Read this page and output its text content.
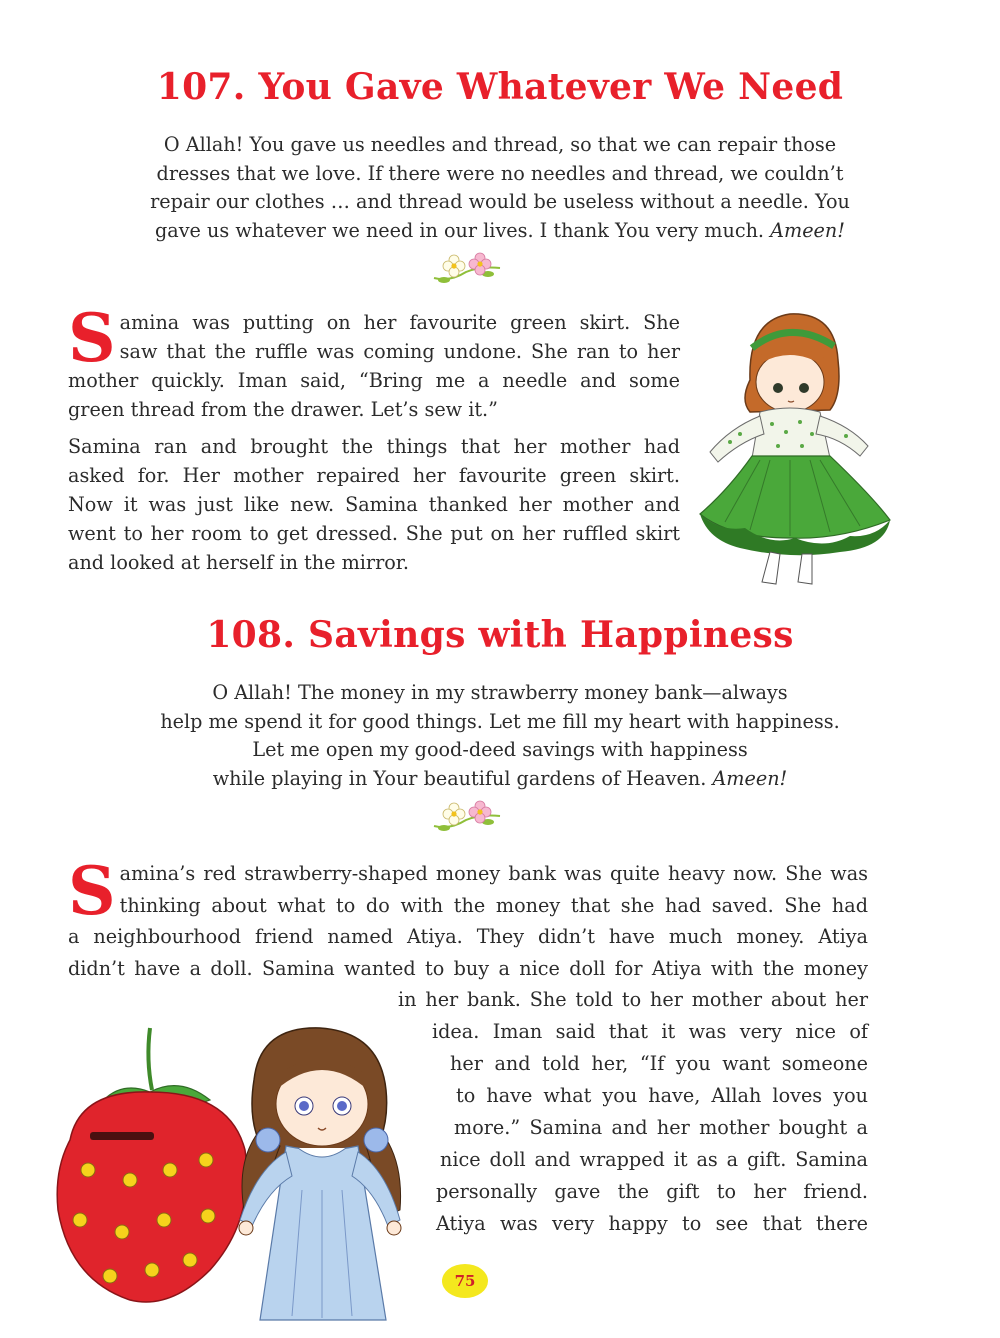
107. You Gave Whatever We Need

O Allah! You gave us needles and thread, so that we can repair those

dresses that we love. If there were no needles and thread, we couldn’t

repair our clothes … and thread would be useless without a needle. You

gave us whatever we need in our lives. I thank You very much. Ameen!

S amina was putting on her favourite green skirt. She
saw that the ruffle was coming undone. She ran to her
mother quickly. Iman said, “Bring me a needle and some
green thread from the drawer. Let’s sew it.”
Samina ran and brought the things that her mother had
asked for. Her mother repaired her favourite green skirt.
Now it was just like new. Samina thanked her mother and
went to her room to get dressed. She put on her ruffled skirt
and looked at herself in the mirror.
108. Savings with Happiness

O Allah! The money in my strawberry money bank—always

help me spend it for good things. Let me fill my heart with happiness.

Let me open my good-deed savings with happiness

while playing in Your beautiful gardens of Heaven. Ameen!

S amina’s red strawberry-shaped money bank was quite heavy now. She was
thinking about what to do with the money that she had saved. She had
a neighbourhood friend named Atiya. They didn’t have much money. Atiya
didn’t have a doll. Samina wanted to buy a nice doll for Atiya with the money
in her bank. She told to her mother about her
idea. Iman said that it was very nice of
her and told her, “If you want someone
to have what you have, Allah loves you
more.” Samina and her mother bought a
nice doll and wrapped it as a gift. Samina
personally gave the gift to her friend.
Atiya was very happy to see that there
75
